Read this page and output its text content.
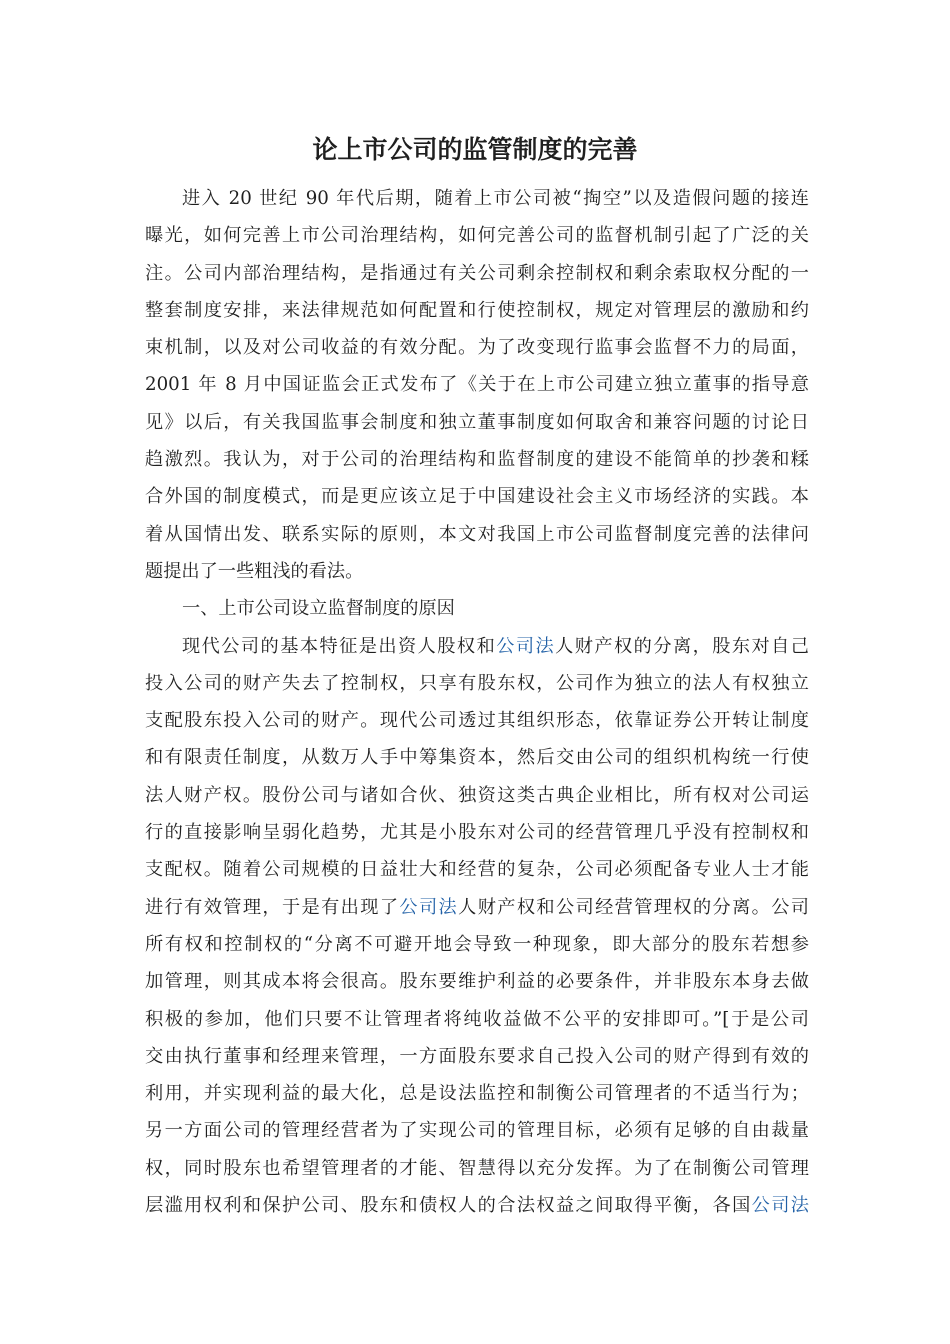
论上市公司的监管制度的完善
进入 20 世纪 90 年代后期，随着上市公司被“掏空”以及造假问题的接连
曝光，如何完善上市公司治理结构，如何完善公司的监督机制引起了广泛的关
注。公司内部治理结构，是指通过有关公司剩余控制权和剩余索取权分配的一
整套制度安排，来法律规范如何配置和行使控制权，规定对管理层的激励和约
束机制，以及对公司收益的有效分配。为了改变现行监事会监督不力的局面，
2001 年 8 月中国证监会正式发布了《关于在上市公司建立独立董事的指导意
见》以后，有关我国监事会制度和独立董事制度如何取舍和兼容问题的讨论日
趋激烈。我认为，对于公司的治理结构和监督制度的建设不能简单的抄袭和糅
合外国的制度模式，而是更应该立足于中国建设社会主义市场经济的实践。本
着从国情出发、联系实际的原则，本文对我国上市公司监督制度完善的法律问
题提出了一些粗浅的看法。
一、上市公司设立监督制度的原因
现代公司的基本特征是出资人股权和公司法人财产权的分离，股东对自己
投入公司的财产失去了控制权，只享有股东权，公司作为独立的法人有权独立
支配股东投入公司的财产。现代公司透过其组织形态，依靠证券公开转让制度
和有限责任制度，从数万人手中筹集资本，然后交由公司的组织机构统一行使
法人财产权。股份公司与诸如合伙、独资这类古典企业相比，所有权对公司运
行的直接影响呈弱化趋势，尤其是小股东对公司的经营管理几乎没有控制权和
支配权。随着公司规模的日益壮大和经营的复杂，公司必须配备专业人士才能
进行有效管理，于是有出现了公司法人财产权和公司经营管理权的分离。公司
所有权和控制权的“分离不可避开地会导致一种现象，即大部分的股东若想参
加管理，则其成本将会很高。股东要维护利益的必要条件，并非股东本身去做
积极的参加，他们只要不让管理者将纯收益做不公平的安排即可。”[于是公司
交由执行董事和经理来管理，一方面股东要求自己投入公司的财产得到有效的
利用，并实现利益的最大化，总是设法监控和制衡公司管理者的不适当行为；
另一方面公司的管理经营者为了实现公司的管理目标，必须有足够的自由裁量
权，同时股东也希望管理者的才能、智慧得以充分发挥。为了在制衡公司管理
层滥用权利和保护公司、股东和债权人的合法权益之间取得平衡，各国公司法
